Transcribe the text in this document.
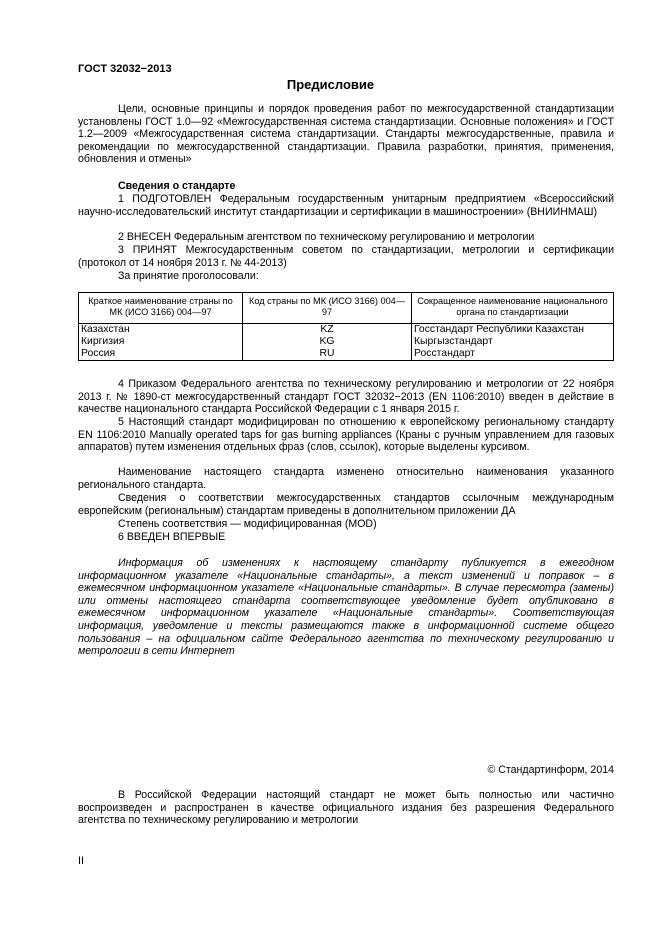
ГОСТ 32032−2013
Предисловие

Цели, основные принципы и порядок проведения работ по межгосударственной стандартизации установлены ГОСТ 1.0—92 «Межгосударственная система стандартизации. Основные положения» и ГОСТ 1.2—2009 «Межгосударственная система стандартизации. Стандарты межгосударственные, правила и рекомендации по межгосударственной стандартизации. Правила разработки, принятия, применения, обновления и отмены»

Сведения о стандарте

1 ПОДГОТОВЛЕН Федеральным государственным унитарным предприятием «Всероссийский научно-исследовательский институт стандартизации и сертификации в машиностроении» (ВНИИНМАШ)

2 ВНЕСЕН Федеральным агентством по техническому регулированию и метрологии

3 ПРИНЯТ Межгосударственным советом по стандартизации, метрологии и сертификации (протокол от 14 ноября 2013 г. № 44-2013)

За принятие проголосовали:

Краткое наименование страны по МК (ИСО 3166) 004—97	Код страны по МК (ИСО 3166) 004—97	Сокращенное наименование национального органа по стандартизации
Казахстан	KZ	Госстандарт Республики Казахстан
Киргизия	KG	Кыргызстандарт
Россия	RU	Росстандарт

4 Приказом Федерального агентства по техническому регулированию и метрологии от 22 ноября 2013 г. № 1890-ст межгосударственный стандарт ГОСТ 32032−2013 (EN 1106:2010) введен в действие в качестве национального стандарта Российской Федерации с 1 января 2015 г.

5 Настоящий стандарт модифицирован по отношению к европейскому региональному стандарту EN 1106:2010 Manually operated taps for gas burning appliances (Краны с ручным управлением для газовых аппаратов) путем изменения отдельных фраз (слов, ссылок), которые выделены курсивом.

Наименование настоящего стандарта изменено относительно наименования указанного регионального стандарта.

Сведения о соответствии межгосударственных стандартов ссылочным международным европейским (региональным) стандартам приведены в дополнительном приложении ДА

Степень соответствия — модифицированная (MOD)

6 ВВЕДЕН ВПЕРВЫЕ

Информация об изменениях к настоящему стандарту публикуется в ежегодном информационном указателе «Национальные стандарты», а текст изменений и поправок – в ежемесячном информационном указателе «Национальные стандарты». В случае пересмотра (замены) или отмены настоящего стандарта соответствующее уведомление будет опубликовано в ежемесячном информационном указателе «Национальные стандарты». Соответствующая информация, уведомление и тексты размещаются также в информационной системе общего пользования – на официальном сайте Федерального агентства по техническому регулированию и метрологии в сети Интернет

© Стандартинформ, 2014

В Российской Федерации настоящий стандарт не может быть полностью или частично воспроизведен и распространен в качестве официального издания без разрешения Федерального агентства по техническому регулированию и метрологии

II
